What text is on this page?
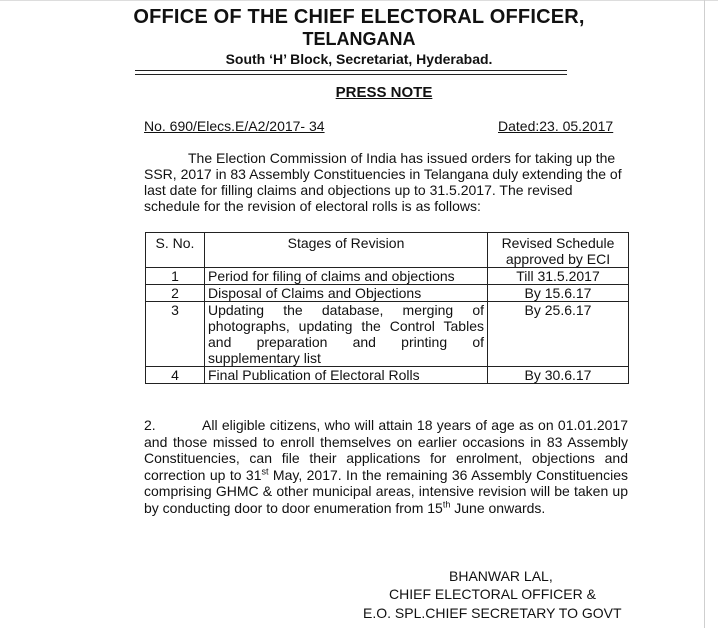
OFFICE OF THE CHIEF ELECTORAL OFFICER,
TELANGANA
South ‘H’ Block, Secretariat, Hyderabad.
PRESS NOTE
No. 690/Elecs.E/A2/2017- 34	Dated:23. 05.2017
The Election Commission of India has issued orders for taking up the SSR, 2017 in 83 Assembly Constituencies in Telangana duly extending the of last date for filling claims and objections up to 31.5.2017. The revised schedule for the revision of electoral rolls is as follows:
S. No.	Stages of Revision	Revised Schedule approved by ECI
1	Period for filing of claims and objections	Till 31.5.2017
2	Disposal of Claims and Objections	By 15.6.17
3	Updating the database, merging of photographs, updating the Control Tables and preparation and printing of supplementary list	By 25.6.17
4	Final Publication of Electoral Rolls	By 30.6.17
2.	All eligible citizens, who will attain 18 years of age as on 01.01.2017 and those missed to enroll themselves on earlier occasions in 83 Assembly Constituencies, can file their applications for enrolment, objections and correction up to 31st May, 2017. In the remaining 36 Assembly Constituencies comprising GHMC & other municipal areas, intensive revision will be taken up by conducting door to door enumeration from 15th June onwards.
BHANWAR LAL,
CHIEF ELECTORAL OFFICER &
E.O. SPL.CHIEF SECRETARY TO GOVT
